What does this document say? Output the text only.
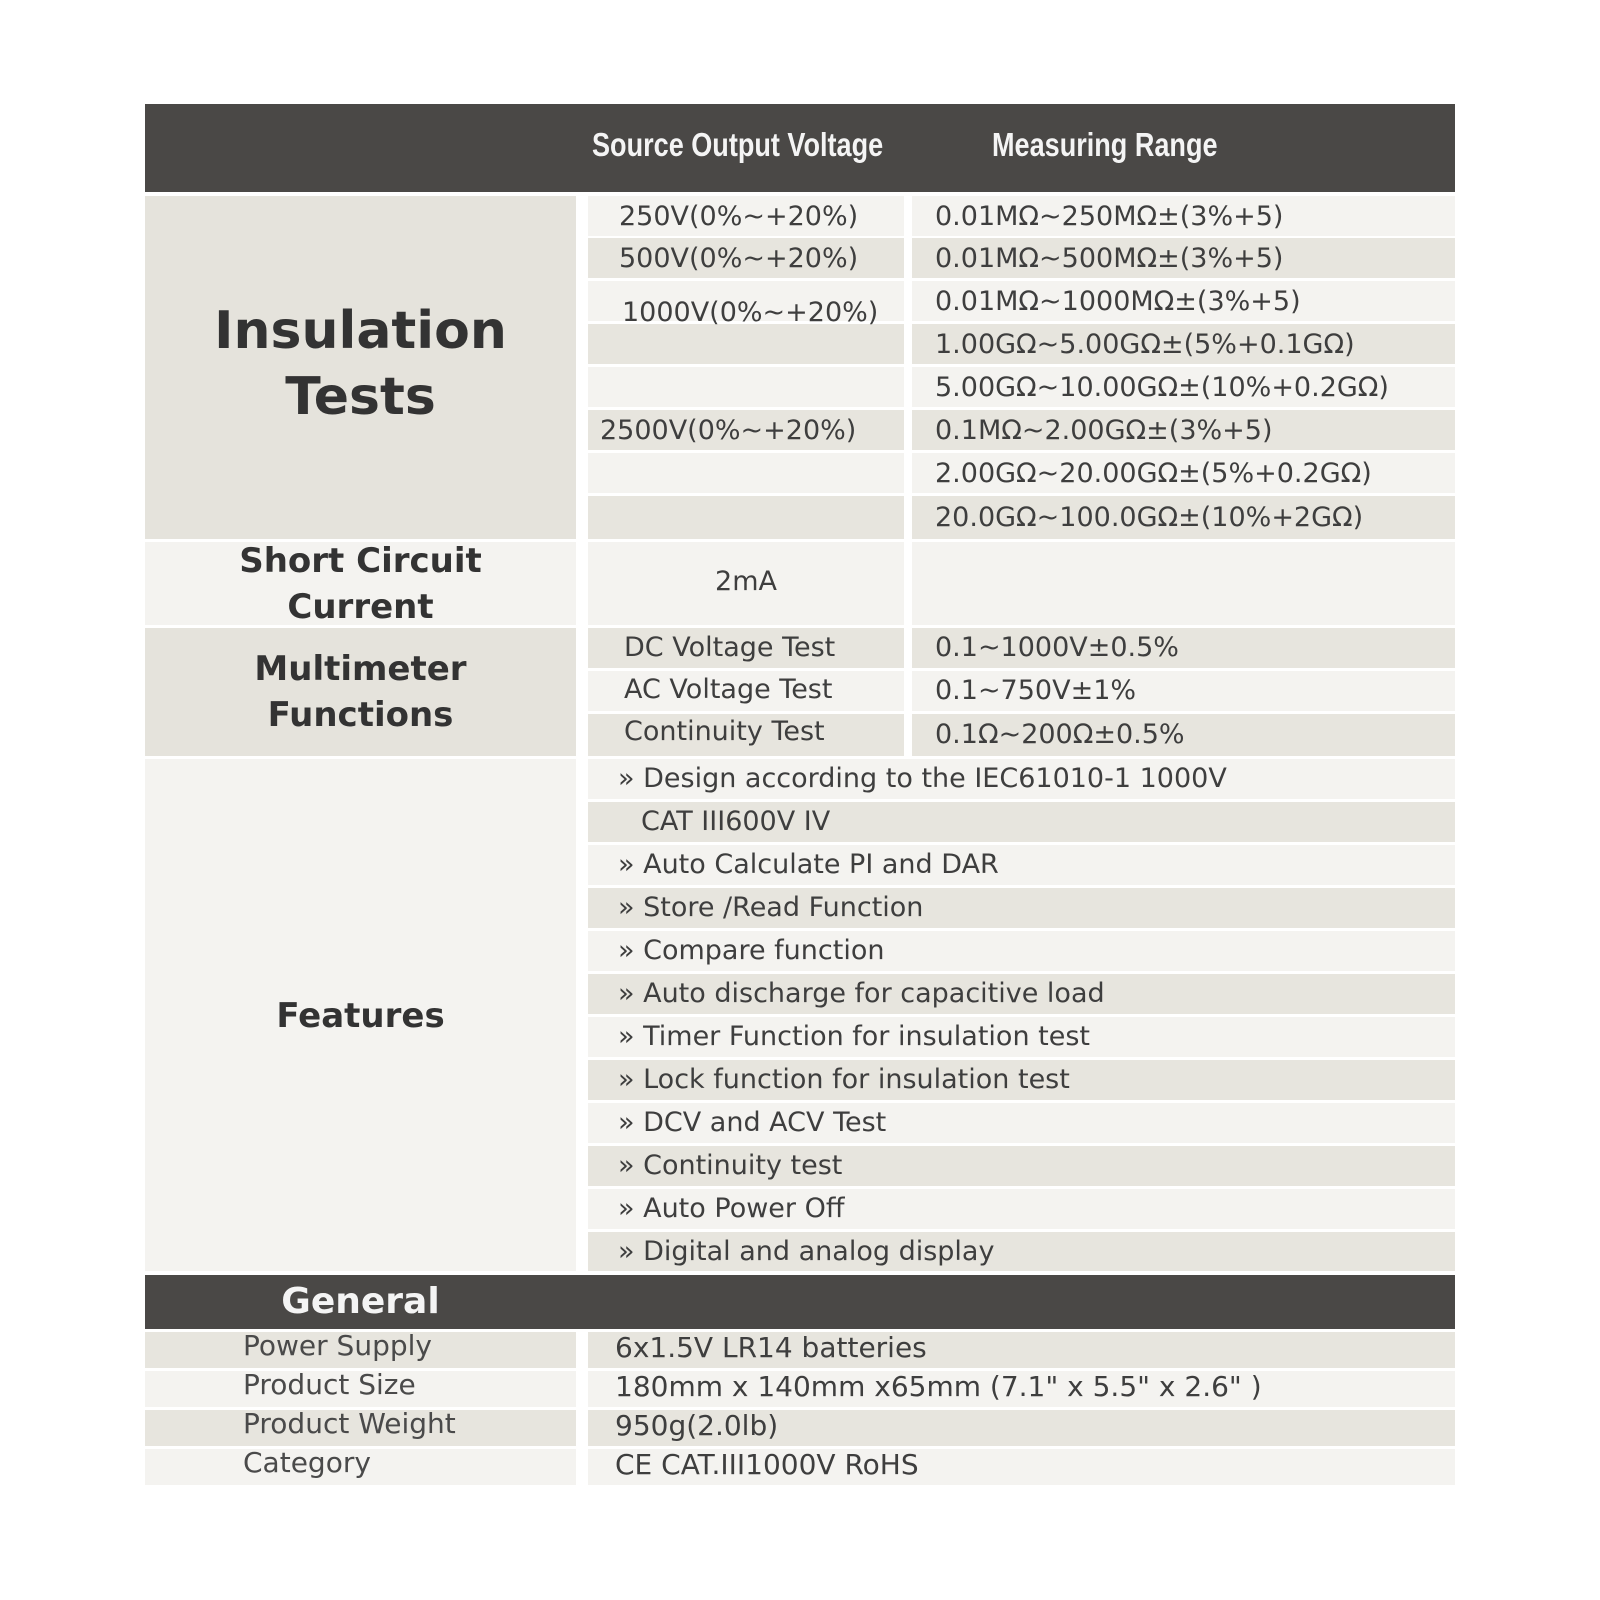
Source Output Voltage	Measuring Range
Insulation
Tests
250V(0%~+20%)
500V(0%~+20%)
1000V(0%~+20%)
2500V(0%~+20%)
0.01MΩ~250MΩ±(3%+5)
0.01MΩ~500MΩ±(3%+5)
0.01MΩ~1000MΩ±(3%+5)
1.00GΩ~5.00GΩ±(5%+0.1GΩ)
5.00GΩ~10.00GΩ±(10%+0.2GΩ)
0.1MΩ~2.00GΩ±(3%+5)
2.00GΩ~20.00GΩ±(5%+0.2GΩ)
20.0GΩ~100.0GΩ±(10%+2GΩ)
Short Circuit
Current
2mA
Multimeter
Functions
DC Voltage Test
AC Voltage Test
Continuity Test
0.1~1000V±0.5%
0.1~750V±1%
0.1Ω~200Ω±0.5%
Features
» Design according to the IEC61010-1 1000V
CAT III600V IV
» Auto Calculate PI and DAR
» Store /Read Function
» Compare function
» Auto discharge for capacitive load
» Timer Function for insulation test
» Lock function for insulation test
» DCV and ACV Test
» Continuity test
» Auto Power Off
» Digital and analog display
General
Power Supply
Product Size
Product Weight
Category
6x1.5V LR14 batteries
180mm x 140mm x65mm (7.1" x 5.5" x 2.6" )
950g(2.0lb)
CE CAT.III1000V RoHS
